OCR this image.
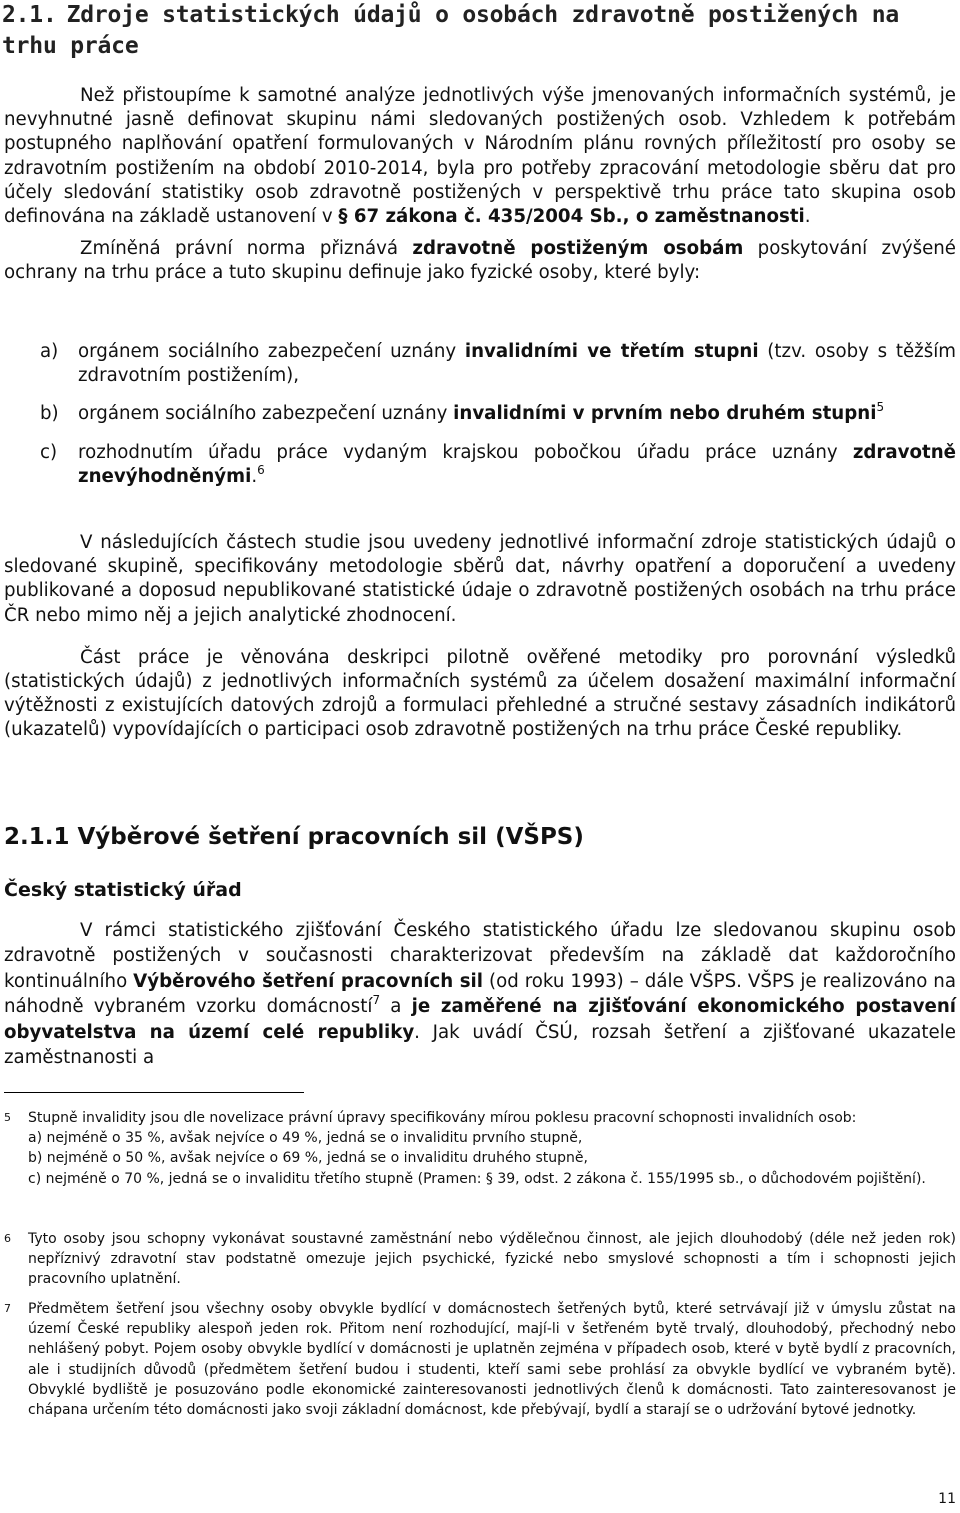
2.1. Zdroje statistických údajů o osobách zdravotně postižených na trhu práce

Než přistoupíme k samotné analýze jednotlivých výše jmenovaných informačních systémů, je nevyhnutné jasně definovat skupinu námi sledovaných postižených osob. Vzhledem k potřebám postupného naplňování opatření formulovaných v Národním plánu rovných příležitostí pro osoby se zdravotním postižením na období 2010-2014, byla pro potřeby zpracování metodologie sběru dat pro účely sledování statistiky osob zdravotně postižených v perspektivě trhu práce tato skupina osob definována na základě ustanovení v § 67 zákona č. 435/2004 Sb., o zaměstnanosti.

Zmíněná právní norma přiznává zdravotně postiženým osobám poskytování zvýšené ochrany na trhu práce a tuto skupinu definuje jako fyzické osoby, které byly:

a)	orgánem sociálního zabezpečení uznány invalidními ve třetím stupni (tzv. osoby s těžším zdravotním postižením),
b)	orgánem sociálního zabezpečení uznány invalidními v prvním nebo druhém stupni$^5$
c)	rozhodnutím úřadu práce vydaným krajskou pobočkou úřadu práce uznány zdravotně znevýhodněnými.$^6$

V následujících částech studie jsou uvedeny jednotlivé informační zdroje statistických údajů o sledované skupině, specifikovány metodologie sběrů dat, návrhy opatření a doporučení a uvedeny publikované a doposud nepublikované statistické údaje o zdravotně postižených osobách na trhu práce ČR nebo mimo něj a jejich analytické zhodnocení.

Část práce je věnována deskripci pilotně ověřené metodiky pro porovnání výsledků (statistických údajů) z jednotlivých informačních systémů za účelem dosažení maximální informační výtěžnosti z existujících datových zdrojů a formulaci přehledné a stručné sestavy zásadních indikátorů (ukazatelů) vypovídajících o participaci osob zdravotně postižených na trhu práce České republiky.

2.1.1 Výběrové šetření pracovních sil (VŠPS)
Český statistický úřad

V rámci statistického zjišťování Českého statistického úřadu lze sledovanou skupinu osob zdravotně postižených v současnosti charakterizovat především na základě dat každoročního kontinuálního Výběrového šetření pracovních sil (od roku 1993) – dále VŠPS. VŠPS je realizováno na náhodně vybraném vzorku domácností$^7$ a je zaměřené na zjišťování ekonomického postavení obyvatelstva na území celé republiky. Jak uvádí ČSÚ, rozsah šetření a zjišťované ukazatele zaměstnanosti a

5 Stupně invalidity jsou dle novelizace právní úpravy specifikovány mírou poklesu pracovní schopnosti invalidních osob:
a) nejméně o 35 %, avšak nejvíce o 49 %, jedná se o invaliditu prvního stupně,
b) nejméně o 50 %, avšak nejvíce o 69 %, jedná se o invaliditu druhého stupně,
c) nejméně o 70 %, jedná se o invaliditu třetího stupně (Pramen: § 39, odst. 2 zákona č. 155/1995 sb., o důchodovém pojištění).
6 Tyto osoby jsou schopny vykonávat soustavné zaměstnání nebo výdělečnou činnost, ale jejich dlouhodobý (déle než jeden rok) nepříznivý zdravotní stav podstatně omezuje jejich psychické, fyzické nebo smyslové schopnosti a tím i schopnosti jejich pracovního uplatnění.
7 Předmětem šetření jsou všechny osoby obvykle bydlící v domácnostech šetřených bytů, které setrvávají již v úmyslu zůstat na území České republiky alespoň jeden rok. Přitom není rozhodující, mají-li v šetřeném bytě trvalý, dlouhodobý, přechodný nebo nehlášený pobyt. Pojem osoby obvykle bydlící v domácnosti je uplatněn zejména v případech osob, které v bytě bydlí z pracovních, ale i studijních důvodů (předmětem šetření budou i studenti, kteří sami sebe prohlásí za obvykle bydlící ve vybraném bytě). Obvyklé bydliště je posuzováno podle ekonomické zainteresovanosti jednotlivých členů k domácnosti. Tato zainteresovanost je chápana určením této domácnosti jako svoji základní domácnost, kde přebývají, bydlí a starají se o udržování bytové jednotky.
11
